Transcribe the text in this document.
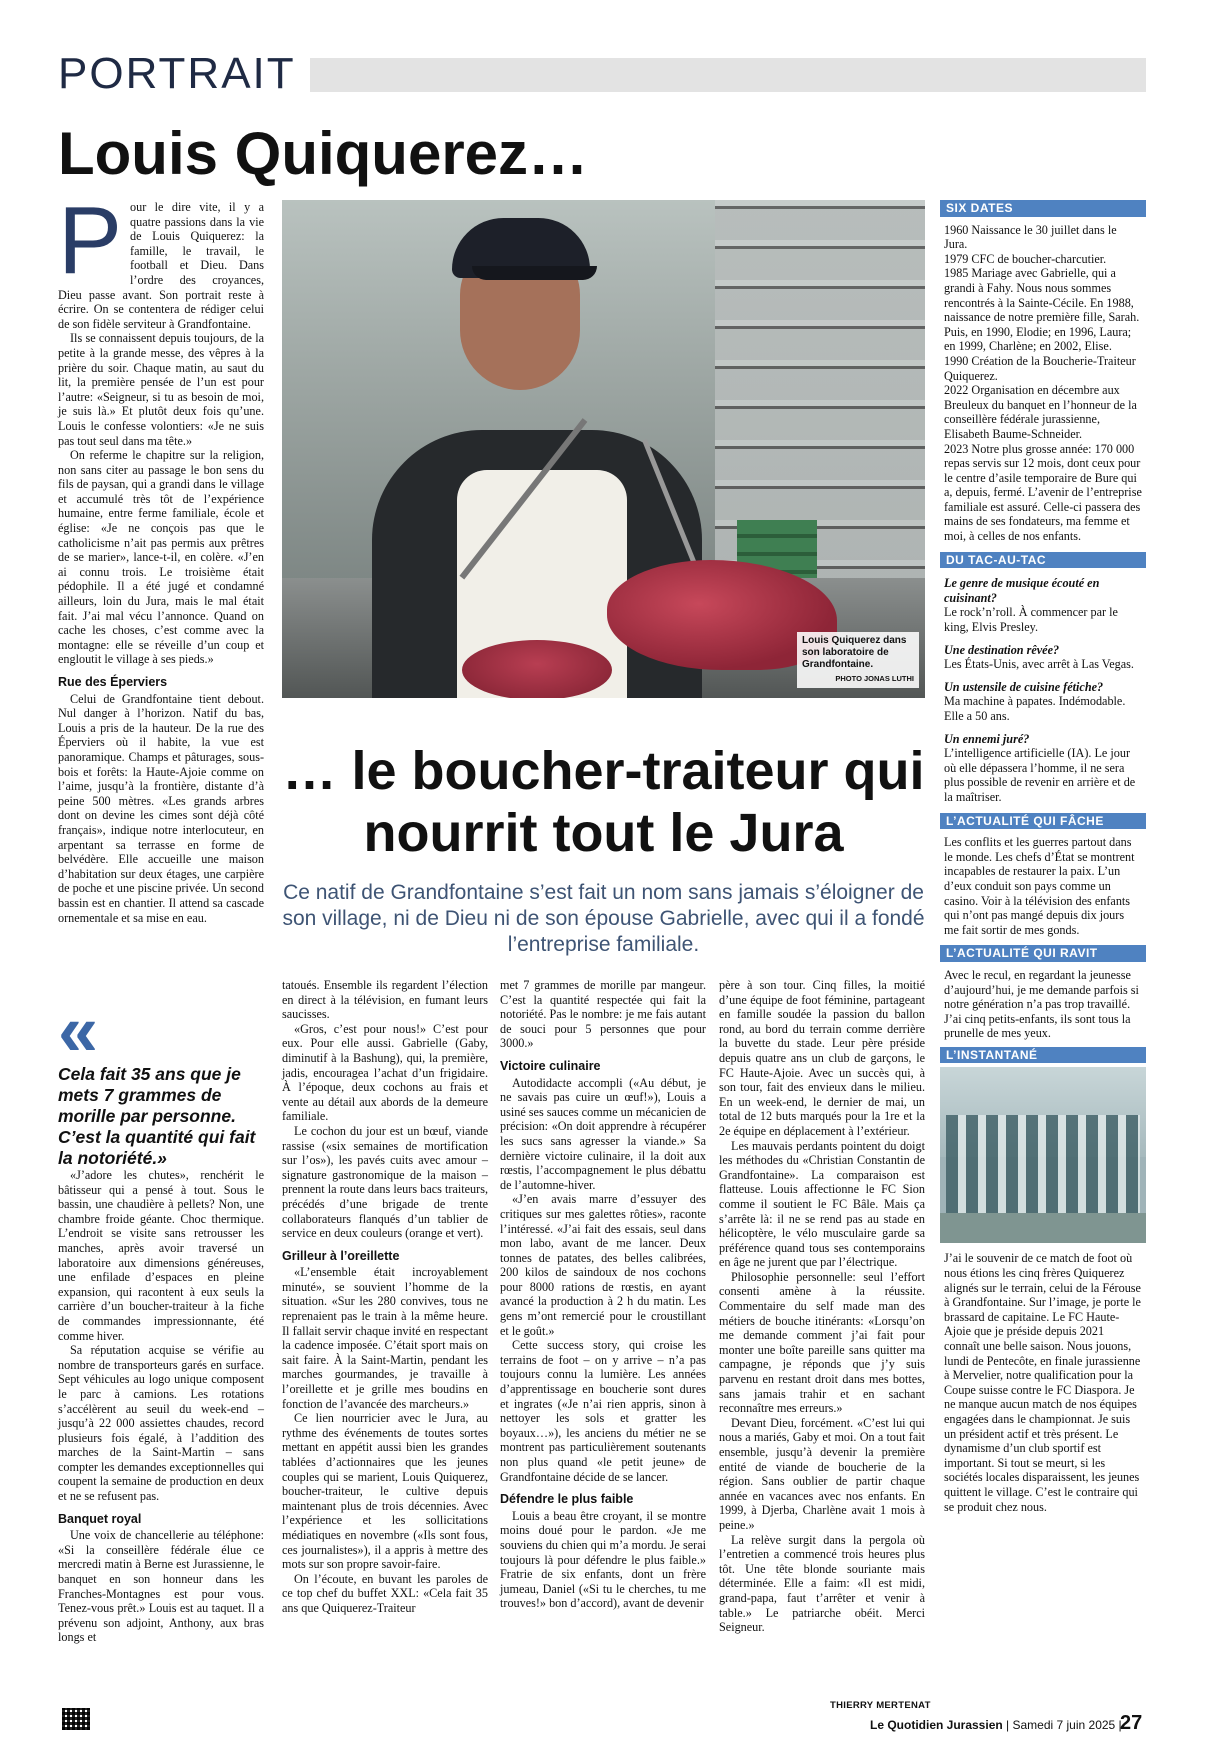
PORTRAIT
Louis Quiquerez…
P our le dire vite, il y a quatre passions dans la vie de Louis Quiquerez: la famille, le travail, le football et Dieu. Dans l’ordre des croyances, Dieu passe avant. Son portrait reste à écrire. On se contentera de rédiger celui de son fidèle serviteur à Grandfontaine.

Ils se connaissent depuis toujours, de la petite à la grande messe, des vêpres à la prière du soir. Chaque matin, au saut du lit, la première pensée de l’un est pour l’autre: «Seigneur, si tu as besoin de moi, je suis là.» Et plutôt deux fois qu’une. Louis le confesse volontiers: «Je ne suis pas tout seul dans ma tête.»

On referme le chapitre sur la religion, non sans citer au passage le bon sens du fils de paysan, qui a grandi dans le village et accumulé très tôt de l’expérience humaine, entre ferme familiale, école et église: «Je ne conçois pas que le catholicisme n’ait pas permis aux prêtres de se marier», lance-t-il, en colère. «J’en ai connu trois. Le troisième était pédophile. Il a été jugé et condamné ailleurs, loin du Jura, mais le mal était fait. J’ai mal vécu l’annonce. Quand on cache les choses, c’est comme avec la montagne: elle se réveille d’un coup et engloutit le village à ses pieds.»

Rue des Éperviers

Celui de Grandfontaine tient debout. Nul danger à l’horizon. Natif du bas, Louis a pris de la hauteur. De la rue des Éperviers où il habite, la vue est panoramique. Champs et pâturages, sous-bois et forêts: la Haute-Ajoie comme on l’aime, jusqu’à la frontière, distante d’à peine 500 mètres. «Les grands arbres dont on devine les cimes sont déjà côté français», indique notre interlocuteur, en arpentant sa terrasse en forme de belvédère. Elle accueille une maison d’habitation sur deux étages, une carpière de poche et une piscine privée. Un second bassin est en chantier. Il attend sa cascade ornementale et sa mise en eau.

«
Cela fait 35 ans que je mets 7 grammes de morille par personne. C’est la quantité qui fait la notoriété.»

«J’adore les chutes», renchérit le bâtisseur qui a pensé à tout. Sous le bassin, une chaudière à pellets? Non, une chambre froide géante. Choc thermique. L’endroit se visite sans retrousser les manches, après avoir traversé un laboratoire aux dimensions généreuses, une enfilade d’espaces en pleine expansion, qui racontent à eux seuls la carrière d’un boucher-traiteur à la fiche de commandes impressionnante, été comme hiver.

Sa réputation acquise se vérifie au nombre de transporteurs garés en surface. Sept véhicules au logo unique composent le parc à camions. Les rotations s’accélèrent au seuil du week-end – jusqu’à 22 000 assiettes chaudes, record plusieurs fois égalé, à l’addition des marches de la Saint-Martin – sans compter les demandes exceptionnelles qui coupent la semaine de production en deux et ne se refusent pas.

Banquet royal

Une voix de chancellerie au téléphone: «Si la conseillère fédérale élue ce mercredi matin à Berne est Jurassienne, le banquet en son honneur dans les Franches-Montagnes est pour vous. Tenez-vous prêt.» Louis est au taquet. Il a prévenu son adjoint, Anthony, aux bras longs et

Louis Quiquerez dans son laboratoire de Grandfontaine.
PHOTO JONAS LUTHI
… le boucher-traiteur qui nourrit tout le Jura
Ce natif de Grandfontaine s’est fait un nom sans jamais s’éloigner de son village, ni de Dieu ni de son épouse Gabrielle, avec qui il a fondé l’entreprise familiale.

tatoués. Ensemble ils regardent l’élection en direct à la télévision, en fumant leurs saucisses.

«Gros, c’est pour nous!» C’est pour eux. Pour elle aussi. Gabrielle (Gaby, diminutif à la Bashung), qui, la première, jadis, encouragea l’achat d’un frigidaire. À l’époque, deux cochons au frais et vente au détail aux abords de la demeure familiale.

Le cochon du jour est un bœuf, viande rassise («six semaines de mortification sur l’os»), les pavés cuits avec amour – signature gastronomique de la maison – prennent la route dans leurs bacs traiteurs, précédés d’une brigade de trente collaborateurs flanqués d’un tablier de service en deux couleurs (orange et vert).

Grilleur à l’oreillette

«L’ensemble était incroyablement minuté», se souvient l’homme de la situation. «Sur les 280 convives, tous ne reprenaient pas le train à la même heure. Il fallait servir chaque invité en respectant la cadence imposée. C’était sport mais on sait faire. À la Saint-Martin, pendant les marches gourmandes, je travaille à l’oreillette et je grille mes boudins en fonction de l’avancée des marcheurs.»

Ce lien nourricier avec le Jura, au rythme des événements de toutes sortes mettant en appétit aussi bien les grandes tablées d’actionnaires que les jeunes couples qui se marient, Louis Quiquerez, boucher-traiteur, le cultive depuis maintenant plus de trois décennies. Avec l’expérience et les sollicitations médiatiques en novembre («Ils sont fous, ces journalistes»), il a appris à mettre des mots sur son propre savoir-faire.

On l’écoute, en buvant les paroles de ce top chef du buffet XXL: «Cela fait 35 ans que Quiquerez-Traiteur

met 7 grammes de morille par mangeur. C’est la quantité respectée qui fait la notoriété. Pas le nombre: je me fais autant de souci pour 5 personnes que pour 3000.»

Victoire culinaire

Autodidacte accompli («Au début, je ne savais pas cuire un œuf!»), Louis a usiné ses sauces comme un mécanicien de précision: «On doit apprendre à récupérer les sucs sans agresser la viande.» Sa dernière victoire culinaire, il la doit aux rœstis, l’accompagnement le plus débattu de l’automne-hiver.

«J’en avais marre d’essuyer des critiques sur mes galettes rôties», raconte l’intéressé. «J’ai fait des essais, seul dans mon labo, avant de me lancer. Deux tonnes de patates, des belles calibrées, 200 kilos de saindoux de nos cochons pour 8000 rations de rœstis, en ayant avancé la production à 2 h du matin. Les gens m’ont remercié pour le croustillant et le goût.»

Cette success story, qui croise les terrains de foot – on y arrive – n’a pas toujours connu la lumière. Les années d’apprentissage en boucherie sont dures et ingrates («Je n’ai rien appris, sinon à nettoyer les sols et gratter les boyaux…»), les anciens du métier ne se montrent pas particulièrement soutenants non plus quand «le petit jeune» de Grandfontaine décide de se lancer.

Défendre le plus faible

Louis a beau être croyant, il se montre moins doué pour le pardon. «Je me souviens du chien qui m’a mordu. Je serai toujours là pour défendre le plus faible.» Fratrie de six enfants, dont un frère jumeau, Daniel («Si tu le cherches, tu me trouves!» bon d’accord), avant de devenir

père à son tour. Cinq filles, la moitié d’une équipe de foot féminine, partageant en famille soudée la passion du ballon rond, au bord du terrain comme derrière la buvette du stade. Leur père préside depuis quatre ans un club de garçons, le FC Haute-Ajoie. Avec un succès qui, à son tour, fait des envieux dans le milieu. En un week-end, le dernier de mai, un total de 12 buts marqués pour la 1re et la 2e équipe en déplacement à l’extérieur.

Les mauvais perdants pointent du doigt les méthodes du «Christian Constantin de Grandfontaine». La comparaison est flatteuse. Louis affectionne le FC Sion comme il soutient le FC Bâle. Mais ça s’arrête là: il ne se rend pas au stade en hélicoptère, le vélo musculaire garde sa préférence quand tous ses contemporains en âge ne jurent que par l’électrique.

Philosophie personnelle: seul l’effort consenti amène à la réussite. Commentaire du self made man des métiers de bouche itinérants: «Lorsqu’on me demande comment j’ai fait pour monter une boîte pareille sans quitter ma campagne, je réponds que j’y suis parvenu en restant droit dans mes bottes, sans jamais trahir et en sachant reconnaître mes erreurs.»

Devant Dieu, forcément. «C’est lui qui nous a mariés, Gaby et moi. On a tout fait ensemble, jusqu’à devenir la première entité de viande de boucherie de la région. Sans oublier de partir chaque année en vacances avec nos enfants. En 1999, à Djerba, Charlène avait 1 mois à peine.»

La relève surgit dans la pergola où l’entretien a commencé trois heures plus tôt. Une tête blonde souriante mais déterminée. Elle a faim: «Il est midi, grand-papa, faut t’arrêter et venir à table.» Le patriarche obéit. Merci Seigneur.

THIERRY MERTENAT
SIX DATES
1960 Naissance le 30 juillet dans le Jura.
1979 CFC de boucher-charcutier.
1985 Mariage avec Gabrielle, qui a grandi à Fahy. Nous nous sommes rencontrés à la Sainte-Cécile. En 1988, naissance de notre première fille, Sarah. Puis, en 1990, Elodie; en 1996, Laura; en 1999, Charlène; en 2002, Elise.
1990 Création de la Boucherie-Traiteur Quiquerez.
2022 Organisation en décembre aux Breuleux du banquet en l’honneur de la conseillère fédérale jurassienne, Elisabeth Baume-Schneider.
2023 Notre plus grosse année: 170 000 repas servis sur 12 mois, dont ceux pour le centre d’asile temporaire de Bure qui a, depuis, fermé. L’avenir de l’entreprise familiale est assuré. Celle-ci passera des mains de ses fondateurs, ma femme et moi, à celles de nos enfants.
DU TAC-AU-TAC
Le genre de musique écouté en cuisinant?
Le rock’n’roll. À commencer par le king, Elvis Presley.
Une destination rêvée?
Les États-Unis, avec arrêt à Las Vegas.
Un ustensile de cuisine fétiche?
Ma machine à papates. Indémodable. Elle a 50 ans.
Un ennemi juré?
L’intelligence artificielle (IA). Le jour où elle dépassera l’homme, il ne sera plus possible de revenir en arrière et de la maîtriser.
L’ACTUALITÉ QUI FÂCHE
Les conflits et les guerres partout dans le monde. Les chefs d’État se montrent incapables de restaurer la paix. L’un d’eux conduit son pays comme un casino. Voir à la télévision des enfants qui n’ont pas mangé depuis dix jours me fait sortir de mes gonds.
L’ACTUALITÉ QUI RAVIT
Avec le recul, en regardant la jeunesse d’aujourd’hui, je me demande parfois si notre génération n’a pas trop travaillé. J’ai cinq petits-enfants, ils sont tous la prunelle de mes yeux.
L’INSTANTANÉ
J’ai le souvenir de ce match de foot où nous étions les cinq frères Quiquerez alignés sur le terrain, celui de la Férouse à Grandfontaine. Sur l’image, je porte le brassard de capitaine. Le FC Haute-Ajoie que je préside depuis 2021 connaît une belle saison. Nous jouons, lundi de Pentecôte, en finale jurassienne à Mervelier, notre qualification pour la Coupe suisse contre le FC Diaspora. Je ne manque aucun match de nos équipes engagées dans le championnat. Je suis un président actif et très présent. Le dynamisme d’un club sportif est important. Si tout se meurt, si les sociétés locales disparaissent, les jeunes quittent le village. C’est le contraire qui se produit chez nous.
Le Quotidien Jurassien | Samedi 7 juin 2025 |
27
